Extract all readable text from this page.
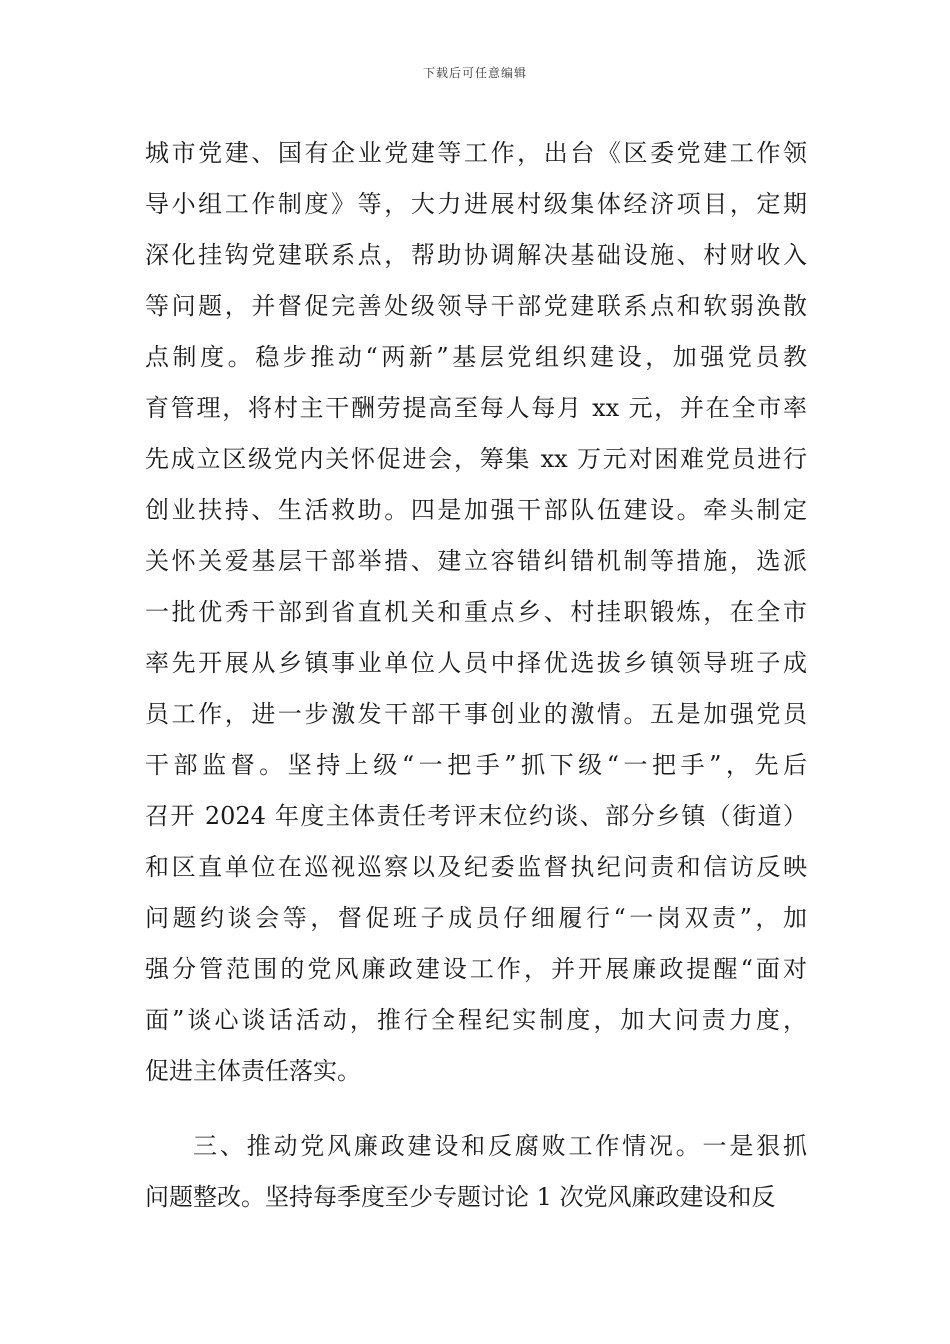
下载后可任意编辑
城市党建、国有企业党建等工作，出台《区委党建工作领
导小组工作制度》等，大力进展村级集体经济项目，定期
深化挂钩党建联系点，帮助协调解决基础设施、村财收入
等问题，并督促完善处级领导干部党建联系点和软弱涣散
点制度。稳步推动“两新”基层党组织建设，加强党员教
育管理，将村主干酬劳提高至每人每月 xx 元，并在全市率
先成立区级党内关怀促进会，筹集 xx 万元对困难党员进行
创业扶持、生活救助。四是加强干部队伍建设。牵头制定
关怀关爱基层干部举措、建立容错纠错机制等措施，选派
一批优秀干部到省直机关和重点乡、村挂职锻炼，在全市
率先开展从乡镇事业单位人员中择优选拔乡镇领导班子成
员工作，进一步激发干部干事创业的激情。五是加强党员
干部监督。坚持上级“一把手”抓下级“一把手”，先后
召开 2024 年度主体责任考评末位约谈、部分乡镇（街道）
和区直单位在巡视巡察以及纪委监督执纪问责和信访反映
问题约谈会等，督促班子成员仔细履行“一岗双责”，加
强分管范围的党风廉政建设工作，并开展廉政提醒“面对
面”谈心谈话活动，推行全程纪实制度，加大问责力度，
促进主体责任落实。
三、推动党风廉政建设和反腐败工作情况。一是狠抓
问题整改。坚持每季度至少专题讨论 1 次党风廉政建设和反
